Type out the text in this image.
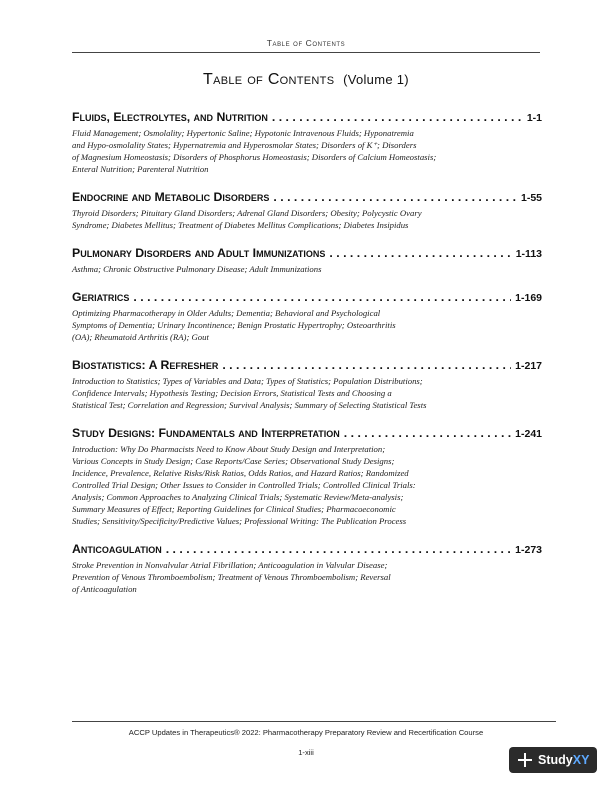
Table of Contents
Table of Contents (Volume 1)
Fluids, Electrolytes, and Nutrition . . .	1-1
Fluid Management; Osmolality; Hypertonic Saline; Hypotonic Intravenous Fluids; Hyponatremia
and Hypo-osmolality States; Hypernatremia and Hyperosmolar States; Disorders of K⁺; Disorders
of Magnesium Homeostasis; Disorders of Phosphorus Homeostasis; Disorders of Calcium Homeostasis;
Enteral Nutrition; Parenteral Nutrition
Endocrine and Metabolic Disorders . . .	1-55
Thyroid Disorders; Pituitary Gland Disorders; Adrenal Gland Disorders; Obesity; Polycystic Ovary
Syndrome; Diabetes Mellitus; Treatment of Diabetes Mellitus Complications; Diabetes Insipidus
Pulmonary Disorders and Adult Immunizations . . .	1-113
Asthma; Chronic Obstructive Pulmonary Disease; Adult Immunizations
Geriatrics . . .	1-169
Optimizing Pharmacotherapy in Older Adults; Dementia; Behavioral and Psychological
Symptoms of Dementia; Urinary Incontinence; Benign Prostatic Hypertrophy; Osteoarthritis
(OA); Rheumatoid Arthritis (RA); Gout
Biostatistics: A Refresher . . .	1-217
Introduction to Statistics; Types of Variables and Data; Types of Statistics; Population Distributions;
Confidence Intervals; Hypothesis Testing; Decision Errors, Statistical Tests and Choosing a
Statistical Test; Correlation and Regression; Survival Analysis; Summary of Selecting Statistical Tests
Study Designs: Fundamentals and Interpretation . . .	1-241
Introduction: Why Do Pharmacists Need to Know About Study Design and Interpretation;
Various Concepts in Study Design; Case Reports/Case Series; Observational Study Designs;
Incidence, Prevalence, Relative Risks/Risk Ratios, Odds Ratios, and Hazard Ratios; Randomized
Controlled Trial Design; Other Issues to Consider in Controlled Trials; Controlled Clinical Trials:
Analysis; Common Approaches to Analyzing Clinical Trials; Systematic Review/Meta-analysis;
Summary Measures of Effect; Reporting Guidelines for Clinical Studies; Pharmacoeconomic
Studies; Sensitivity/Specificity/Predictive Values; Professional Writing: The Publication Process
Anticoagulation . . .	1-273
Stroke Prevention in Nonvalvular Atrial Fibrillation; Anticoagulation in Valvular Disease;
Prevention of Venous Thromboembolism; Treatment of Venous Thromboembolism; Reversal
of Anticoagulation
ACCP Updates in Therapeutics® 2022: Pharmacotherapy Preparatory Review and Recertification Course
1-xiii
Study XY
